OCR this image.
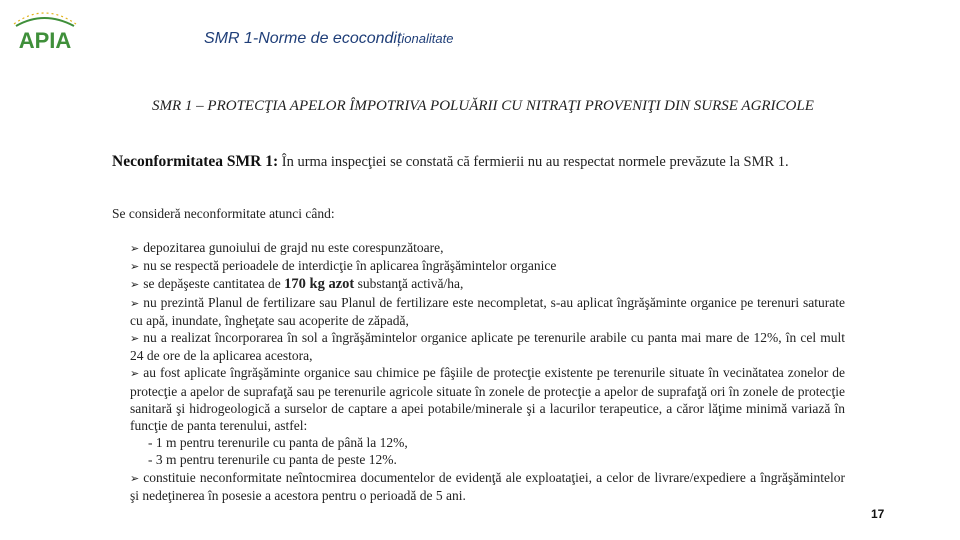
APIA	SMR 1-Norme de ecocondiționalitate
SMR 1 – PROTECŢIA APELOR ÎMPOTRIVA POLUĂRII CU NITRAŢI PROVENIŢI DIN SURSE AGRICOLE
Neconformitatea SMR 1: În urma inspecţiei se constată că fermierii nu au respectat normele prevăzute la SMR 1.
Se consideră neconformitate atunci când:
➢ depozitarea gunoiului de grajd nu este corespunzătoare,
➢ nu se respectă perioadele de interdicţie în aplicarea îngrăşămintelor organice
➢ se depăşeste cantitatea de 170 kg azot substanţă activă/ha,
➢ nu prezintă Planul de fertilizare sau Planul de fertilizare este necompletat, s-au aplicat îngrăşăminte organice pe terenuri saturate cu apă, inundate, îngheţate sau acoperite de zăpadă,
➢ nu a realizat încorporarea în sol a îngrăşămintelor organice aplicate pe terenurile arabile cu panta mai mare de 12%, în cel mult 24 de ore de la aplicarea acestora,
➢ au fost aplicate îngrăşăminte organice sau chimice pe fâşiile de protecţie existente pe terenurile situate în vecinătatea zonelor de protecţie a apelor de suprafaţă sau pe terenurile agricole situate în zonele de protecţie a apelor de suprafaţă ori în zonele de protecţie sanitară şi hidrogeologică a surselor de captare a apei potabile/minerale şi a lacurilor terapeutice, a căror lăţime minimă variază în funcţie de panta terenului, astfel:
- 1 m pentru terenurile cu panta de până la 12%,
- 3 m pentru terenurile cu panta de peste 12%.
➢ constituie neconformitate neîntocmirea documentelor de evidenţă ale exploataţiei, a celor de livrare/expediere a îngrăşămintelor şi nedeţinerea în posesie a acestora pentru o perioadă de 5 ani.
17
